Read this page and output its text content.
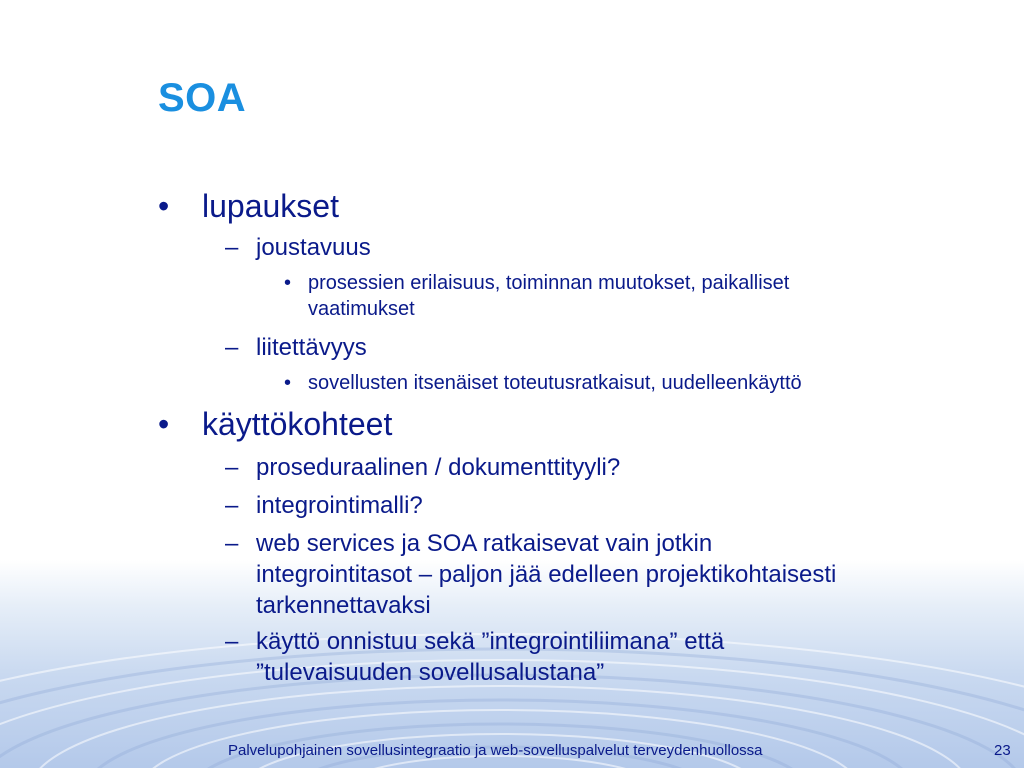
SOA
• lupaukset
– joustavuus
• prosessien erilaisuus, toiminnan muutokset, paikalliset
vaatimukset
– liitettävyys
• sovellusten itsenäiset toteutusratkaisut, uudelleenkäyttö
• käyttökohteet
– proseduraalinen / dokumenttityyli?
– integrointimalli?
– web services ja SOA ratkaisevat vain jotkin
integrointitasot – paljon jää edelleen projektikohtaisesti
tarkennettavaksi
– käyttö onnistuu sekä ”integrointiliimana” että
”tulevaisuuden sovellusalustana”
Palvelupohjainen sovellusintegraatio ja web-sovelluspalvelut terveydenhuollossa	23
